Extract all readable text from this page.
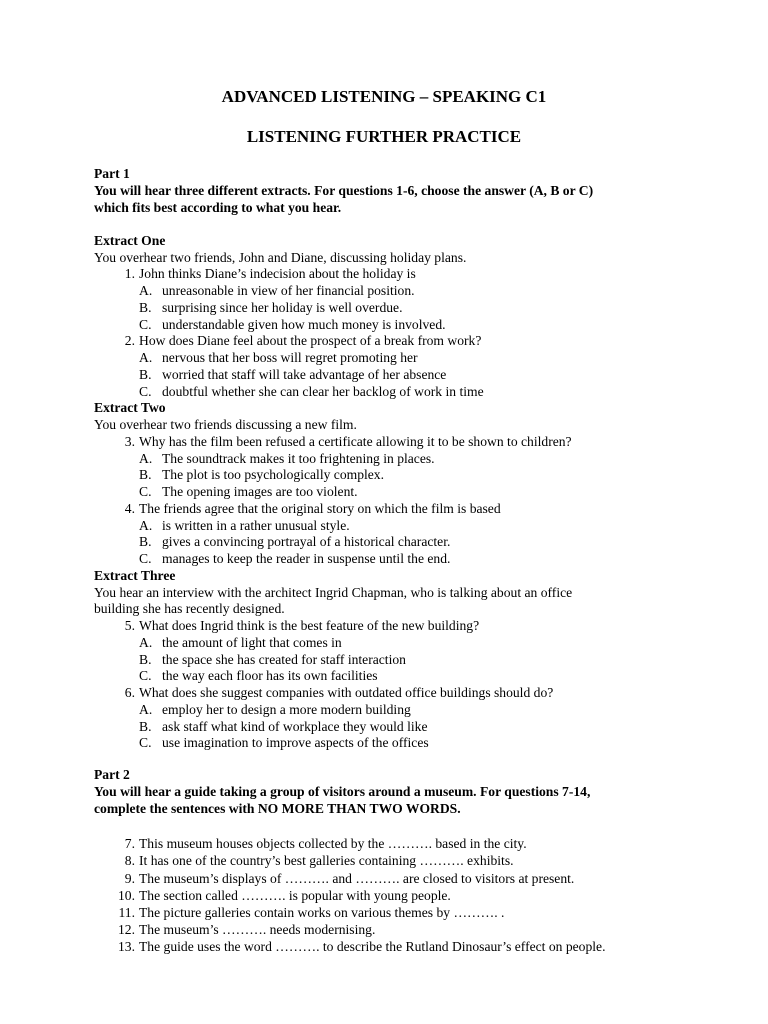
ADVANCED LISTENING – SPEAKING C1
LISTENING FURTHER PRACTICE
Part 1
You will hear three different extracts. For questions 1-6, choose the answer (A, B or C)
which fits best according to what you hear.
Extract One
You overhear two friends, John and Diane, discussing holiday plans.
1. John thinks Diane’s indecision about the holiday is
A. unreasonable in view of her financial position.
B. surprising since her holiday is well overdue.
C. understandable given how much money is involved.
2. How does Diane feel about the prospect of a break from work?
A. nervous that her boss will regret promoting her
B. worried that staff will take advantage of her absence
C. doubtful whether she can clear her backlog of work in time
Extract Two
You overhear two friends discussing a new film.
3. Why has the film been refused a certificate allowing it to be shown to children?
A. The soundtrack makes it too frightening in places.
B. The plot is too psychologically complex.
C. The opening images are too violent.
4. The friends agree that the original story on which the film is based
A. is written in a rather unusual style.
B. gives a convincing portrayal of a historical character.
C. manages to keep the reader in suspense until the end.
Extract Three
You hear an interview with the architect Ingrid Chapman, who is talking about an office
building she has recently designed.
5. What does Ingrid think is the best feature of the new building?
A. the amount of light that comes in
B. the space she has created for staff interaction
C. the way each floor has its own facilities
6. What does she suggest companies with outdated office buildings should do?
A. employ her to design a more modern building
B. ask staff what kind of workplace they would like
C. use imagination to improve aspects of the offices
Part 2
You will hear a guide taking a group of visitors around a museum. For questions 7-14,
complete the sentences with NO MORE THAN TWO WORDS.
7. This museum houses objects collected by the ………. based in the city.
8. It has one of the country’s best galleries containing ………. exhibits.
9. The museum’s displays of ………. and ………. are closed to visitors at present.
10. The section called ………. is popular with young people.
11. The picture galleries contain works on various themes by ………. .
12. The museum’s ………. needs modernising.
13. The guide uses the word ………. to describe the Rutland Dinosaur’s effect on people.
